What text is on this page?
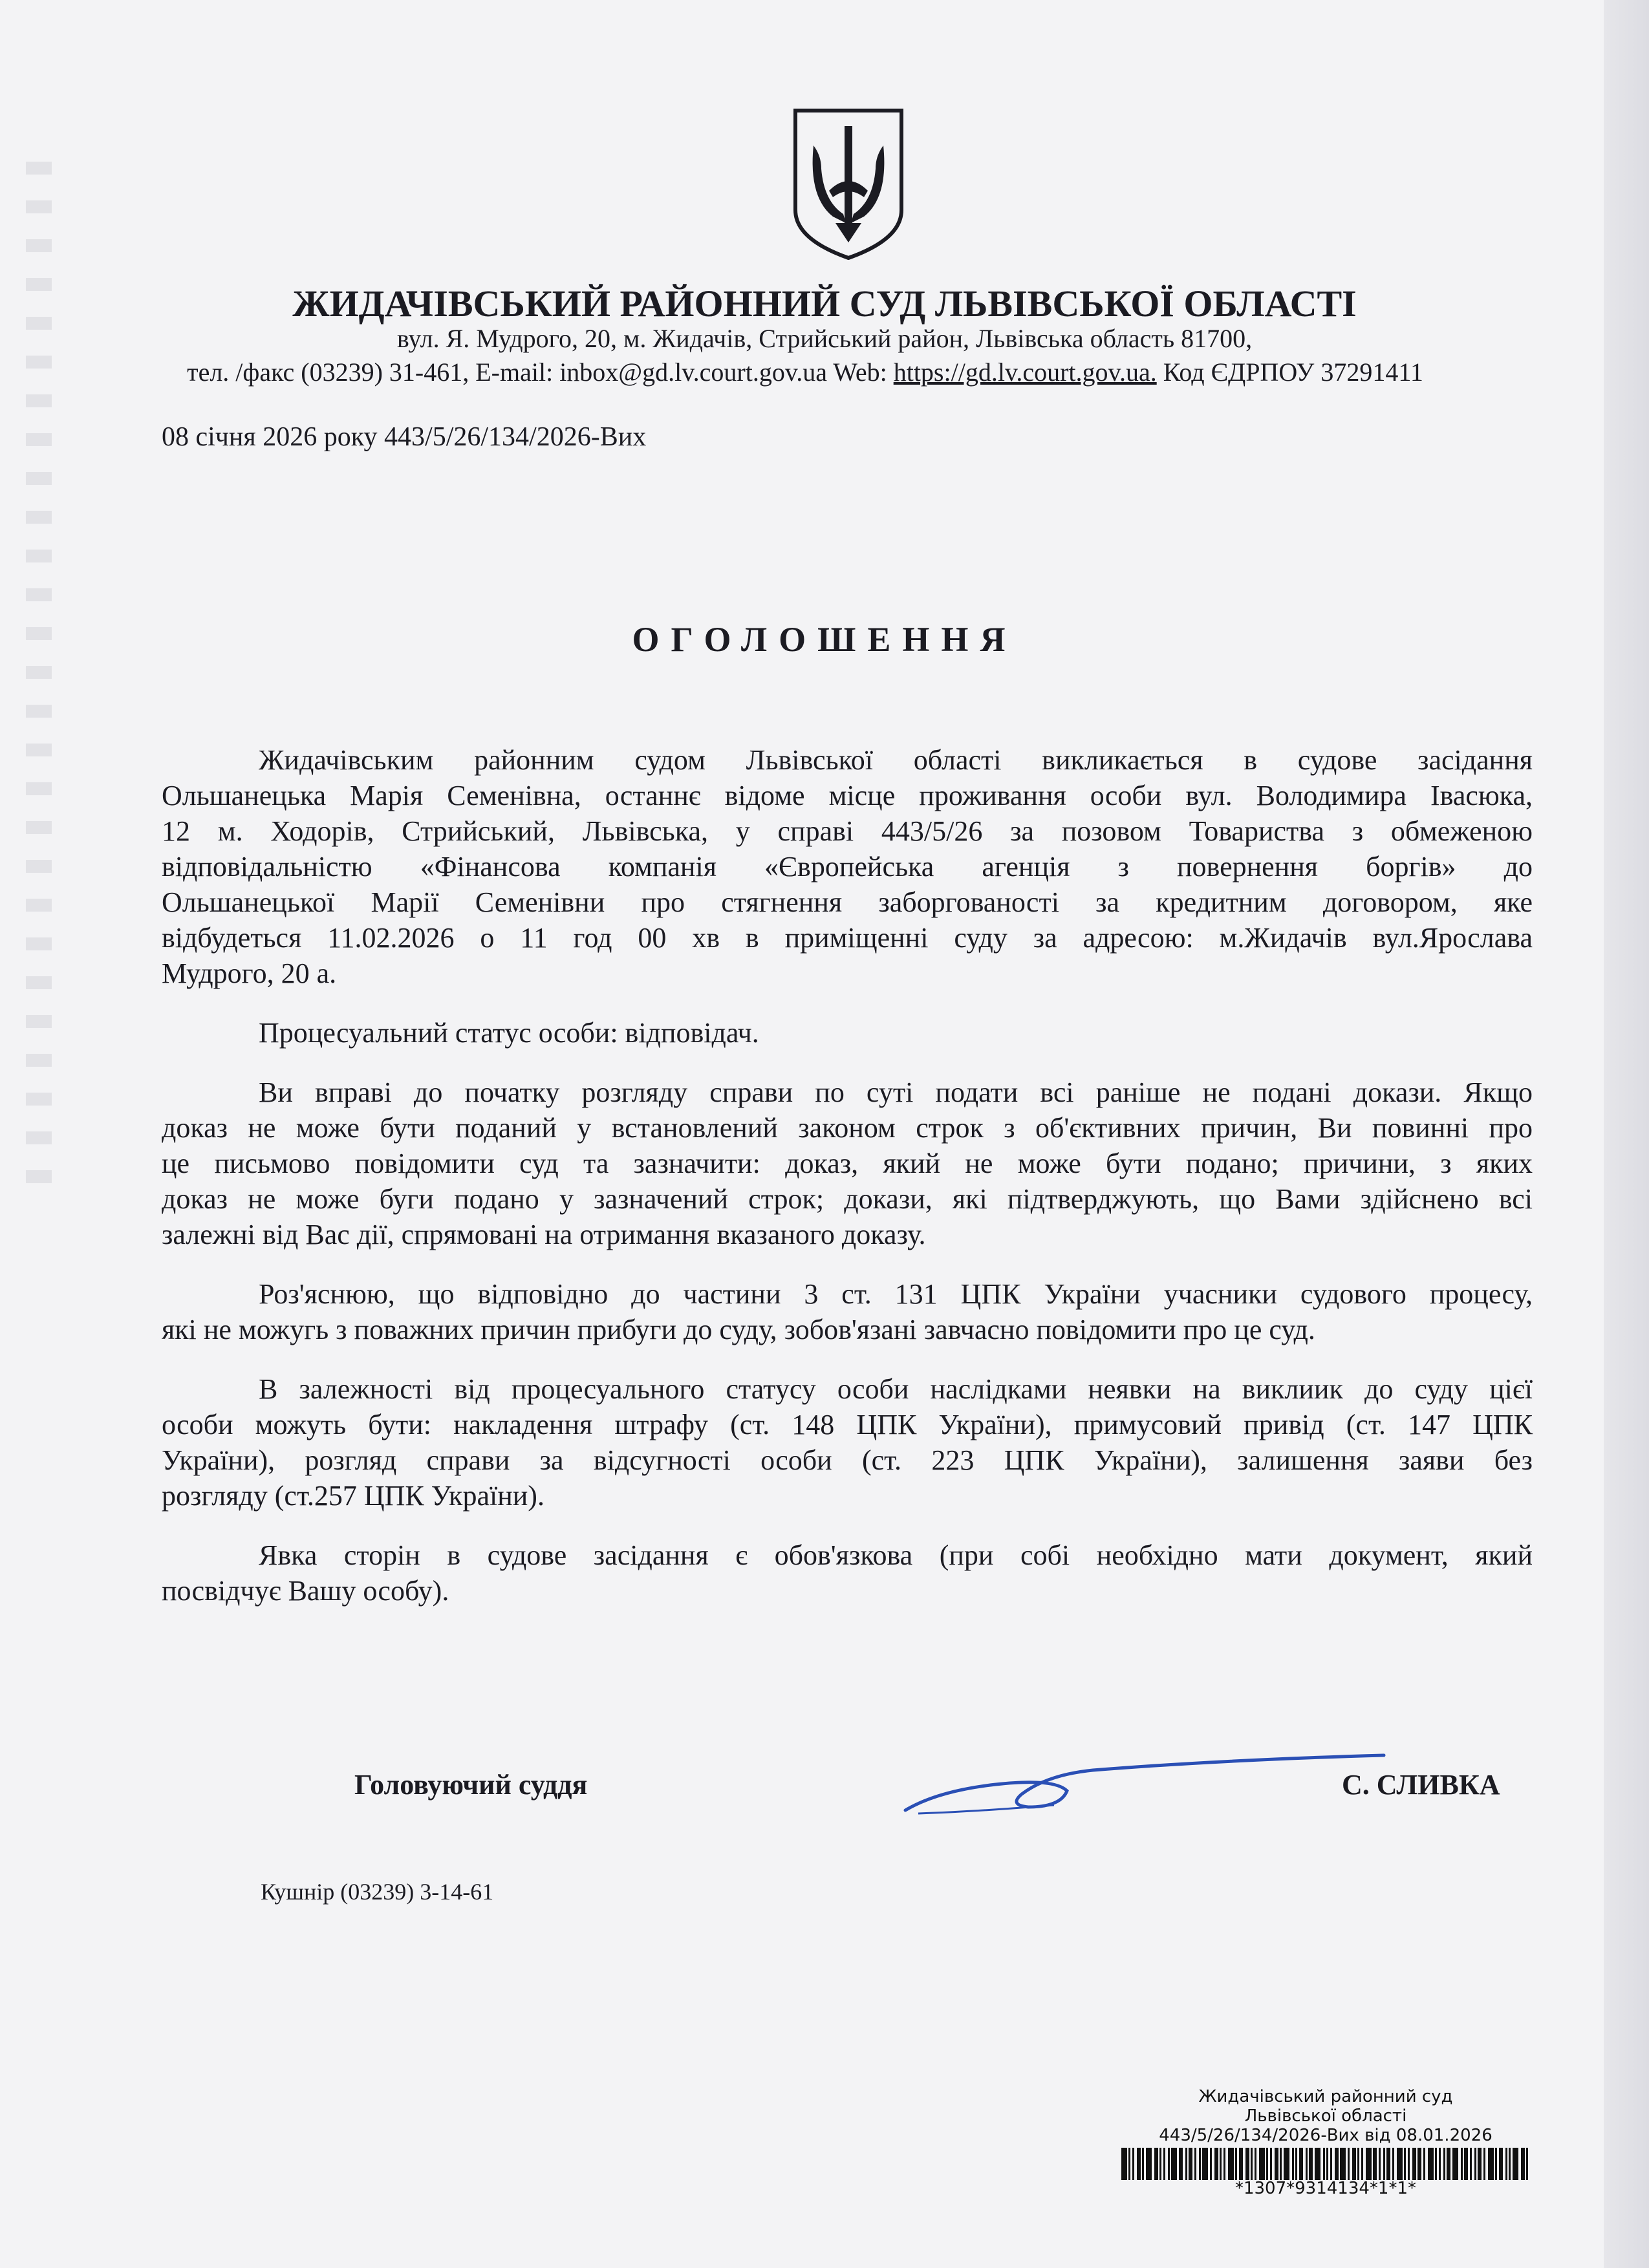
ЖИДАЧІВСЬКИЙ РАЙОННИЙ СУД ЛЬВІВСЬКОЇ ОБЛАСТІ
вул. Я. Мудрого, 20, м. Жидачів, Стрийський район, Львівська область 81700,
тел. /факс (03239) 31-461, E-mail: inbox@gd.lv.court.gov.ua Web: https://gd.lv.court.gov.ua. Код ЄДРПОУ 37291411
08 січня 2026 року 443/5/26/134/2026-Вих
ОГОЛОШЕННЯ
Жидачівським районним судом Львівської області викликається в судове засідання
Ольшанецька Марія Семенівна, останнє відоме місце проживання особи вул. Володимира Івасюка,
12 м. Ходорів, Стрийський, Львівська, у справі 443/5/26 за позовом Товариства з обмеженою
відповідальністю «Фінансова компанія «Європейська агенція з повернення боргів» до
Ольшанецької Марії Семенівни про стягнення заборгованості за кредитним договором, яке
відбудеться 11.02.2026 о 11 год 00 хв в приміщенні суду за адресою: м.Жидачів вул.Ярослава
Мудрого, 20 а.
Процесуальний статус особи: відповідач.
Ви вправі до початку розгляду справи по суті подати всі раніше не подані докази. Якщо
доказ не може бути поданий у встановлений законом строк з об'єктивних причин, Ви повинні про
це письмово повідомити суд та зазначити: доказ, який не може бути подано; причини, з яких
доказ не може буги подано у зазначений строк; докази, які підтверджують, що Вами здійснено всі
залежні від Вас дії, спрямовані на отримання вказаного доказу.
Роз'яснюю, що відповідно до частини 3 ст. 131 ЦПК України учасники судового процесу,
які не можугь з поважних причин прибуги до суду, зобов'язані завчасно повідомити про це суд.
В залежності від процесуального статусу особи наслідками неявки на виклиик до суду цієї
особи можуть бути: накладення штрафу (ст. 148 ЦПК України), примусовий привід (ст. 147 ЦПК
України), розгляд справи за відсугності особи (ст. 223 ЦПК України), залишення заяви без
розгляду (ст.257 ЦПК України).
Явка сторін в судове засідання є обов'язкова (при собі необхідно мати документ, який
посвідчує Вашу особу).
Головуючий суддя	С. СЛИВКА
Кушнір (03239) 3-14-61
Жидачівський районний суд
Львівської області
443/5/26/134/2026-Вих від 08.01.2026
*1307*9314134*1*1*
